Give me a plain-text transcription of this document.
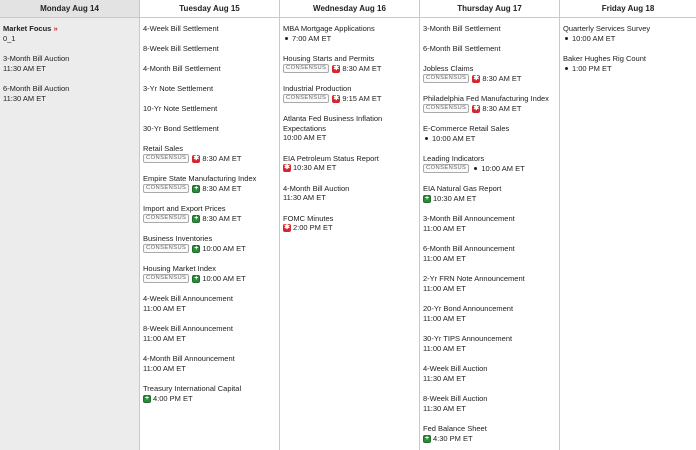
Monday Aug 14
Market Focus »
0_1
3-Month Bill Auction
11:30 AM ET
6-Month Bill Auction
11:30 AM ET
Tuesday Aug 15
4-Week Bill Settlement
8-Week Bill Settlement
4-Month Bill Settlement
3-Yr Note Settlement
10-Yr Note Settlement
30-Yr Bond Settlement
Retail Sales
CONSENSUS	✱ 8:30 AM ET
Empire State Manufacturing Index
CONSENSUS	+ 8:30 AM ET
Import and Export Prices
CONSENSUS	+ 8:30 AM ET
Business Inventories
CONSENSUS	+ 10:00 AM ET
Housing Market Index
CONSENSUS	+ 10:00 AM ET
4-Week Bill Announcement
11:00 AM ET
8-Week Bill Announcement
11:00 AM ET
4-Month Bill Announcement
11:00 AM ET
Treasury International Capital
+ 4:00 PM ET
Wednesday Aug 16
MBA Mortgage Applications
7:00 AM ET
Housing Starts and Permits
CONSENSUS	✱ 8:30 AM ET
Industrial Production
CONSENSUS	✱ 9:15 AM ET
Atlanta Fed Business Inflation Expectations
10:00 AM ET
EIA Petroleum Status Report
✱ 10:30 AM ET
4-Month Bill Auction
11:30 AM ET
FOMC Minutes
✱ 2:00 PM ET
Thursday Aug 17
3-Month Bill Settlement
6-Month Bill Settlement
Jobless Claims
CONSENSUS	✱ 8:30 AM ET
Philadelphia Fed Manufacturing Index
CONSENSUS	✱ 8:30 AM ET
E-Commerce Retail Sales
10:00 AM ET
Leading Indicators
CONSENSUS	10:00 AM ET
EIA Natural Gas Report
+ 10:30 AM ET
3-Month Bill Announcement
11:00 AM ET
6-Month Bill Announcement
11:00 AM ET
2-Yr FRN Note Announcement
11:00 AM ET
20-Yr Bond Announcement
11:00 AM ET
30-Yr TIPS Announcement
11:00 AM ET
4-Week Bill Auction
11:30 AM ET
8-Week Bill Auction
11:30 AM ET
Fed Balance Sheet
+ 4:30 PM ET
Friday Aug 18
Quarterly Services Survey
10:00 AM ET
Baker Hughes Rig Count
1:00 PM ET
